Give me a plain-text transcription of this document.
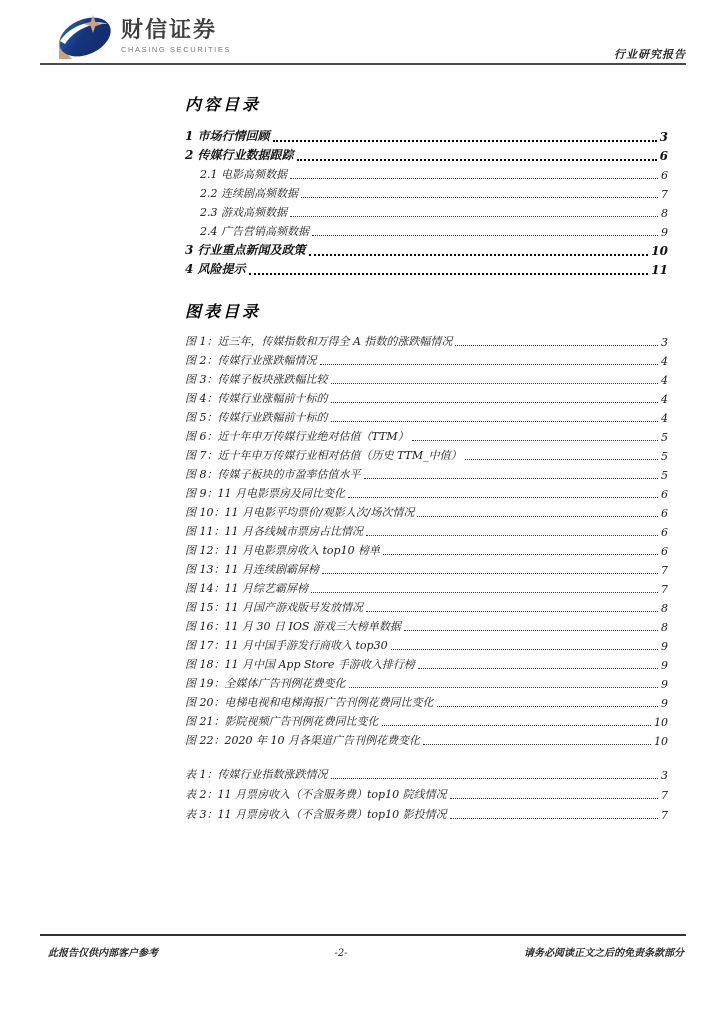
财信证券
CHASING SECURITIES	行业研究报告
内容目录
1 市场行情回顾	3
2 传媒行业数据跟踪	6
2.1 电影高频数据	6
2.2 连续剧高频数据	7
2.3 游戏高频数据	8
2.4 广告营销高频数据	9
3 行业重点新闻及政策	10
4 风险提示	11
图表目录
图 1：近三年，传媒指数和万得全 A 指数的涨跌幅情况	3
图 2：传媒行业涨跌幅情况	4
图 3：传媒子板块涨跌幅比较	4
图 4：传媒行业涨幅前十标的	4
图 5：传媒行业跌幅前十标的	4
图 6：近十年申万传媒行业绝对估值（TTM）	5
图 7：近十年申万传媒行业相对估值（历史 TTM_中值）	5
图 8：传媒子板块的市盈率估值水平	5
图 9：11 月电影票房及同比变化	6
图 10：11 月电影平均票价/观影人次/场次情况	6
图 11：11 月各线城市票房占比情况	6
图 12：11 月电影票房收入 top10 榜单	6
图 13：11 月连续剧霸屏榜	7
图 14：11 月综艺霸屏榜	7
图 15：11 月国产游戏版号发放情况	8
图 16：11 月 30 日 IOS 游戏三大榜单数据	8
图 17：11 月中国手游发行商收入 top30	9
图 18：11 月中国 App Store 手游收入排行榜	9
图 19：全媒体广告刊例花费变化	9
图 20：电梯电视和电梯海报广告刊例花费同比变化	9
图 21：影院视频广告刊例花费同比变化	10
图 22：2020 年 10 月各渠道广告刊例花费变化	10
表 1：传媒行业指数涨跌情况	3
表 2：11 月票房收入（不含服务费）top10 院线情况	7
表 3：11 月票房收入（不含服务费）top10 影投情况	7
此报告仅供内部客户参考	-2-	请务必阅读正文之后的免责条款部分
